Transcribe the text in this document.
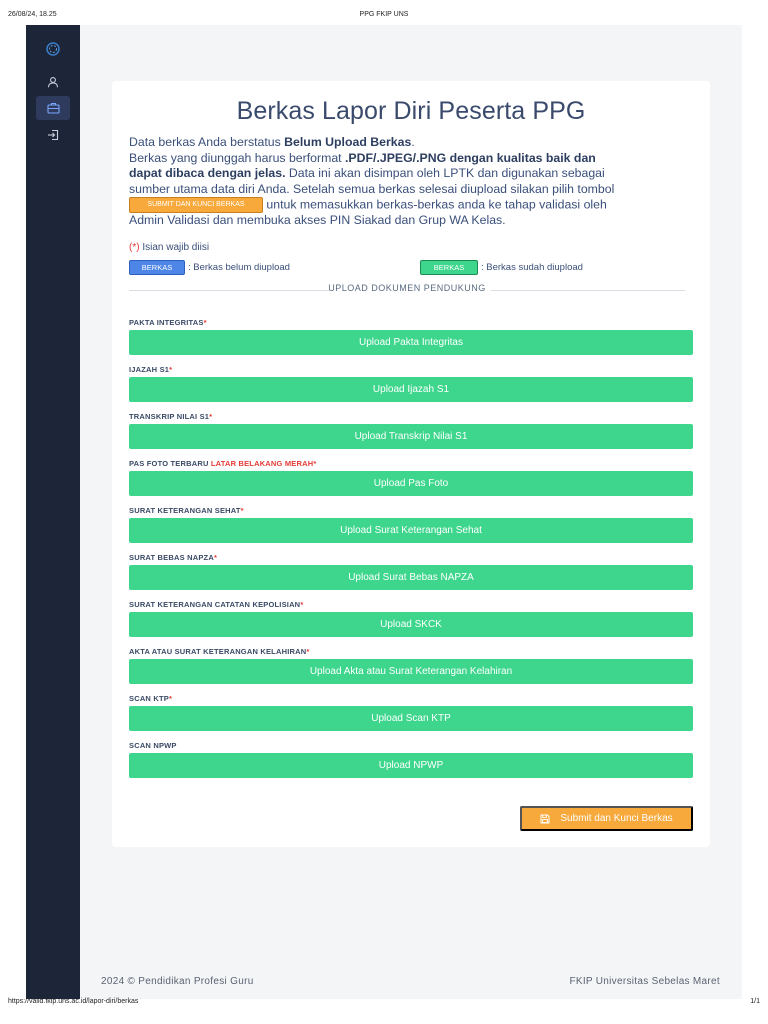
26/08/24, 18.25	PPG FKIP UNS
Berkas Lapor Diri Peserta PPG
Data berkas Anda berstatus Belum Upload Berkas.
Berkas yang diunggah harus berformat .PDF/.JPEG/.PNG dengan kualitas baik dan
dapat dibaca dengan jelas. Data ini akan disimpan oleh LPTK dan digunakan sebagai
sumber utama data diri Anda. Setelah semua berkas selesai diupload silakan pilih tombol
SUBMIT DAN KUNCI BERKAS untuk memasukkan berkas-berkas anda ke tahap validasi oleh
Admin Validasi dan membuka akses PIN Siakad dan Grup WA Kelas.
(*) Isian wajib diisi
BERKAS	: Berkas belum diupload	BERKAS	: Berkas sudah diupload
UPLOAD DOKUMEN PENDUKUNG
PAKTA INTEGRITAS*
Upload Pakta Integritas
IJAZAH S1*
Upload Ijazah S1
TRANSKRIP NILAI S1*
Upload Transkrip Nilai S1
PAS FOTO TERBARU LATAR BELAKANG MERAH*
Upload Pas Foto
SURAT KETERANGAN SEHAT*
Upload Surat Keterangan Sehat
SURAT BEBAS NAPZA*
Upload Surat Bebas NAPZA
SURAT KETERANGAN CATATAN KEPOLISIAN*
Upload SKCK
AKTA ATAU SURAT KETERANGAN KELAHIRAN*
Upload Akta atau Surat Keterangan Kelahiran
SCAN KTP*
Upload Scan KTP
SCAN NPWP
Upload NPWP
Submit dan Kunci Berkas
2024 © Pendidikan Profesi Guru	FKIP Universitas Sebelas Maret
https://valid.fkip.uns.ac.id/lapor-diri/berkas	1/1
